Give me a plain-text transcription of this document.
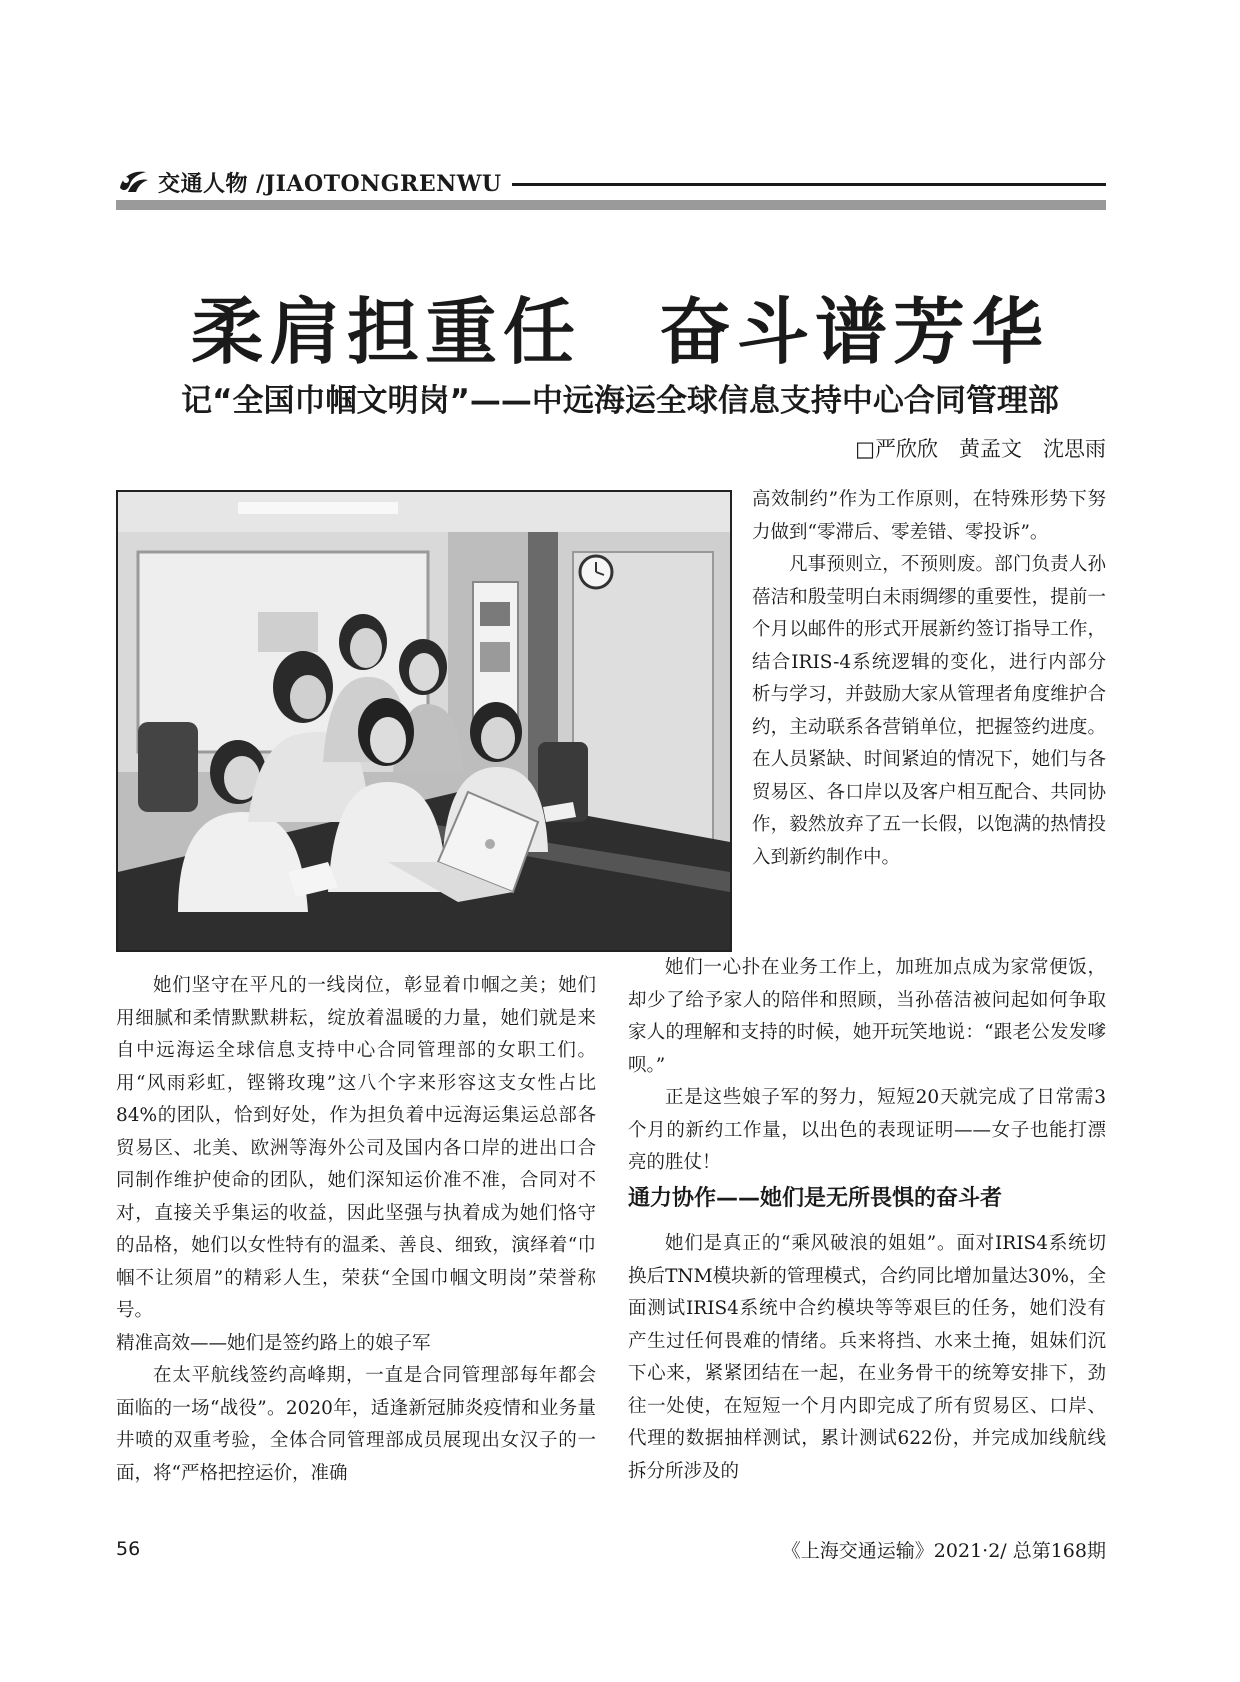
交通人物 /JIAOTONGRENWU
柔肩担重任　奋斗谱芳华
记“全国巾帼文明岗”——中远海运全球信息支持中心合同管理部
□严欣欣　黄孟文　沈思雨

高效制约”作为工作原则，在特殊形势下努力做到“零滞后、零差错、零投诉”。

凡事预则立，不预则废。部门负责人孙蓓洁和殷莹明白未雨绸缪的重要性，提前一个月以邮件的形式开展新约签订指导工作，结合IRIS-4系统逻辑的变化，进行内部分析与学习，并鼓励大家从管理者角度维护合约，主动联系各营销单位，把握签约进度。在人员紧缺、时间紧迫的情况下，她们与各贸易区、各口岸以及客户相互配合、共同协作，毅然放弃了五一长假，以饱满的热情投入到新约制作中。

她们一心扑在业务工作上，加班加点成为家常便饭，却少了给予家人的陪伴和照顾，当孙蓓洁被问起如何争取家人的理解和支持的时候，她开玩笑地说：“跟老公发发嗲呗。”

正是这些娘子军的努力，短短20天就完成了日常需3个月的新约工作量，以出色的表现证明——女子也能打漂亮的胜仗！

她们坚守在平凡的一线岗位，彰显着巾帼之美；她们用细腻和柔情默默耕耘，绽放着温暖的力量，她们就是来自中远海运全球信息支持中心合同管理部的女职工们。用“风雨彩虹，铿锵玫瑰”这八个字来形容这支女性占比84%的团队，恰到好处，作为担负着中远海运集运总部各贸易区、北美、欧洲等海外公司及国内各口岸的进出口合同制作维护使命的团队，她们深知运价准不准，合同对不对，直接关乎集运的收益，因此坚强与执着成为她们恪守的品格，她们以女性特有的温柔、善良、细致，演绎着“巾帼不让须眉”的精彩人生，荣获“全国巾帼文明岗”荣誉称号。

精准高效——她们是签约路上的娘子军

在太平航线签约高峰期，一直是合同管理部每年都会面临的一场“战役”。2020年，适逢新冠肺炎疫情和业务量井喷的双重考验，全体合同管理部成员展现出女汉子的一面，将“严格把控运价，准确

通力协作——她们是无所畏惧的奋斗者

她们是真正的“乘风破浪的姐姐”。面对IRIS4系统切换后TNM模块新的管理模式，合约同比增加量达30%，全面测试IRIS4系统中合约模块等等艰巨的任务，她们没有产生过任何畏难的情绪。兵来将挡、水来土掩，姐妹们沉下心来，紧紧团结在一起，在业务骨干的统筹安排下，劲往一处使，在短短一个月内即完成了所有贸易区、口岸、代理的数据抽样测试，累计测试622份，并完成加线航线拆分所涉及的

56	《上海交通运输》2021·2/ 总第168期
